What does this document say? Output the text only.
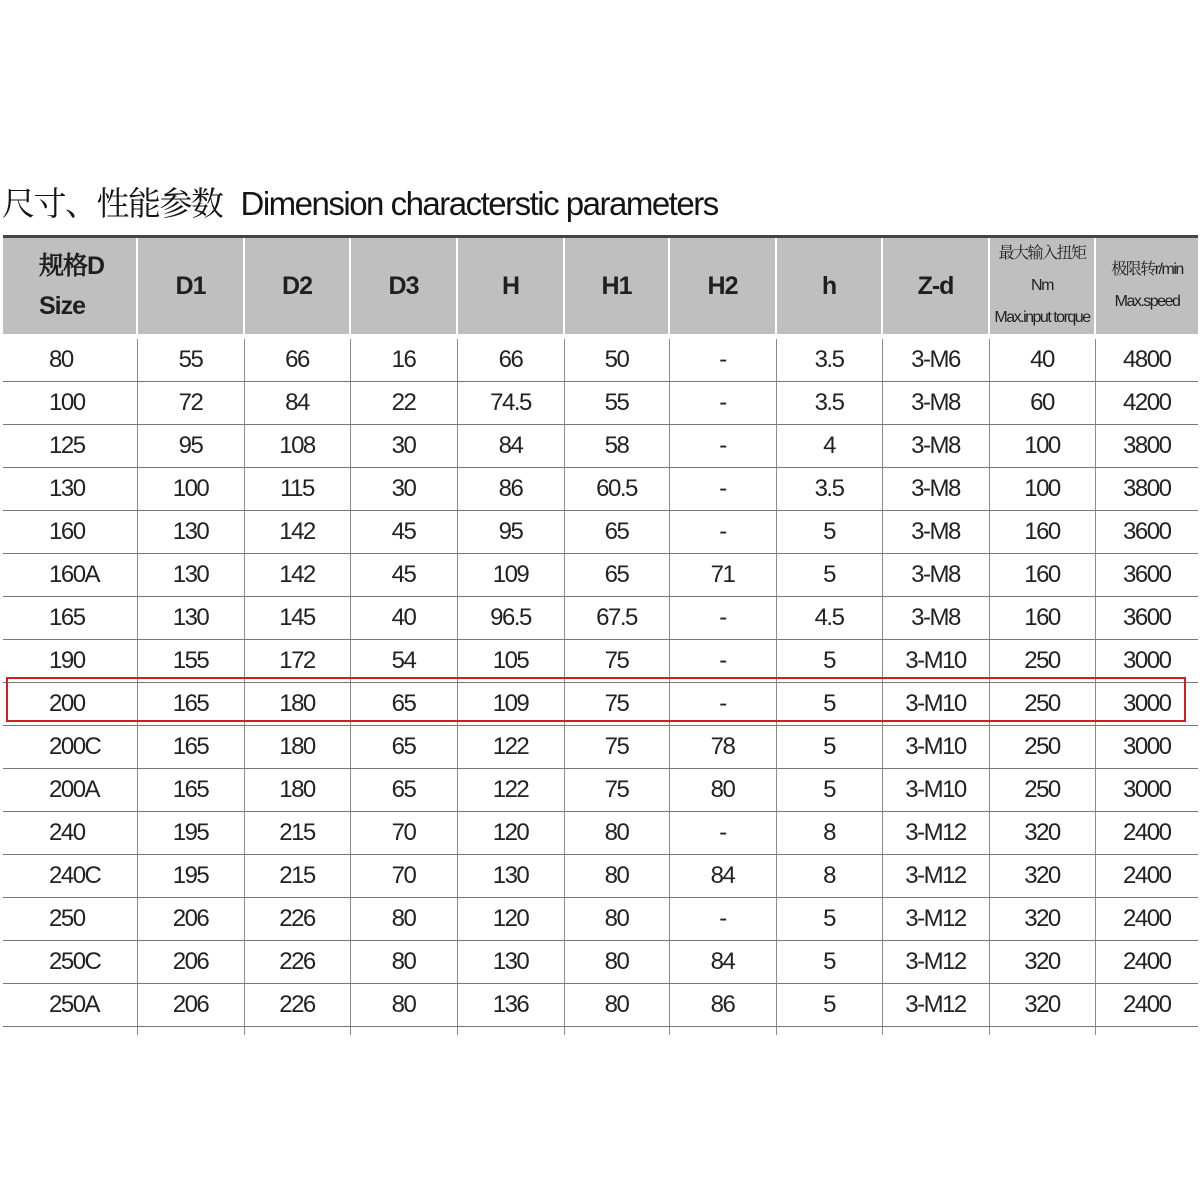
尺寸、性能参数 Dimension characterstic parameters
规格D
Size	D1	D2	D3	H	H1	H2	h	Z-d	最大输入扭矩Nm
Max.input torque	极限转r/min
Max.speed

80	55	66	16	66	50	-	3.5	3-M6	40	4800
100	72	84	22	74.5	55	-	3.5	3-M8	60	4200
125	95	108	30	84	58	-	4	3-M8	100	3800
130	100	115	30	86	60.5	-	3.5	3-M8	100	3800
160	130	142	45	95	65	-	5	3-M8	160	3600
160A	130	142	45	109	65	71	5	3-M8	160	3600
165	130	145	40	96.5	67.5	-	4.5	3-M8	160	3600
190	155	172	54	105	75	-	5	3-M10	250	3000
200	165	180	65	109	75	-	5	3-M10	250	3000
200C	165	180	65	122	75	78	5	3-M10	250	3000
200A	165	180	65	122	75	80	5	3-M10	250	3000
240	195	215	70	120	80	-	8	3-M12	320	2400
240C	195	215	70	130	80	84	8	3-M12	320	2400
250	206	226	80	120	80	-	5	3-M12	320	2400
250C	206	226	80	130	80	84	5	3-M12	320	2400
250A	206	226	80	136	80	86	5	3-M12	320	2400
